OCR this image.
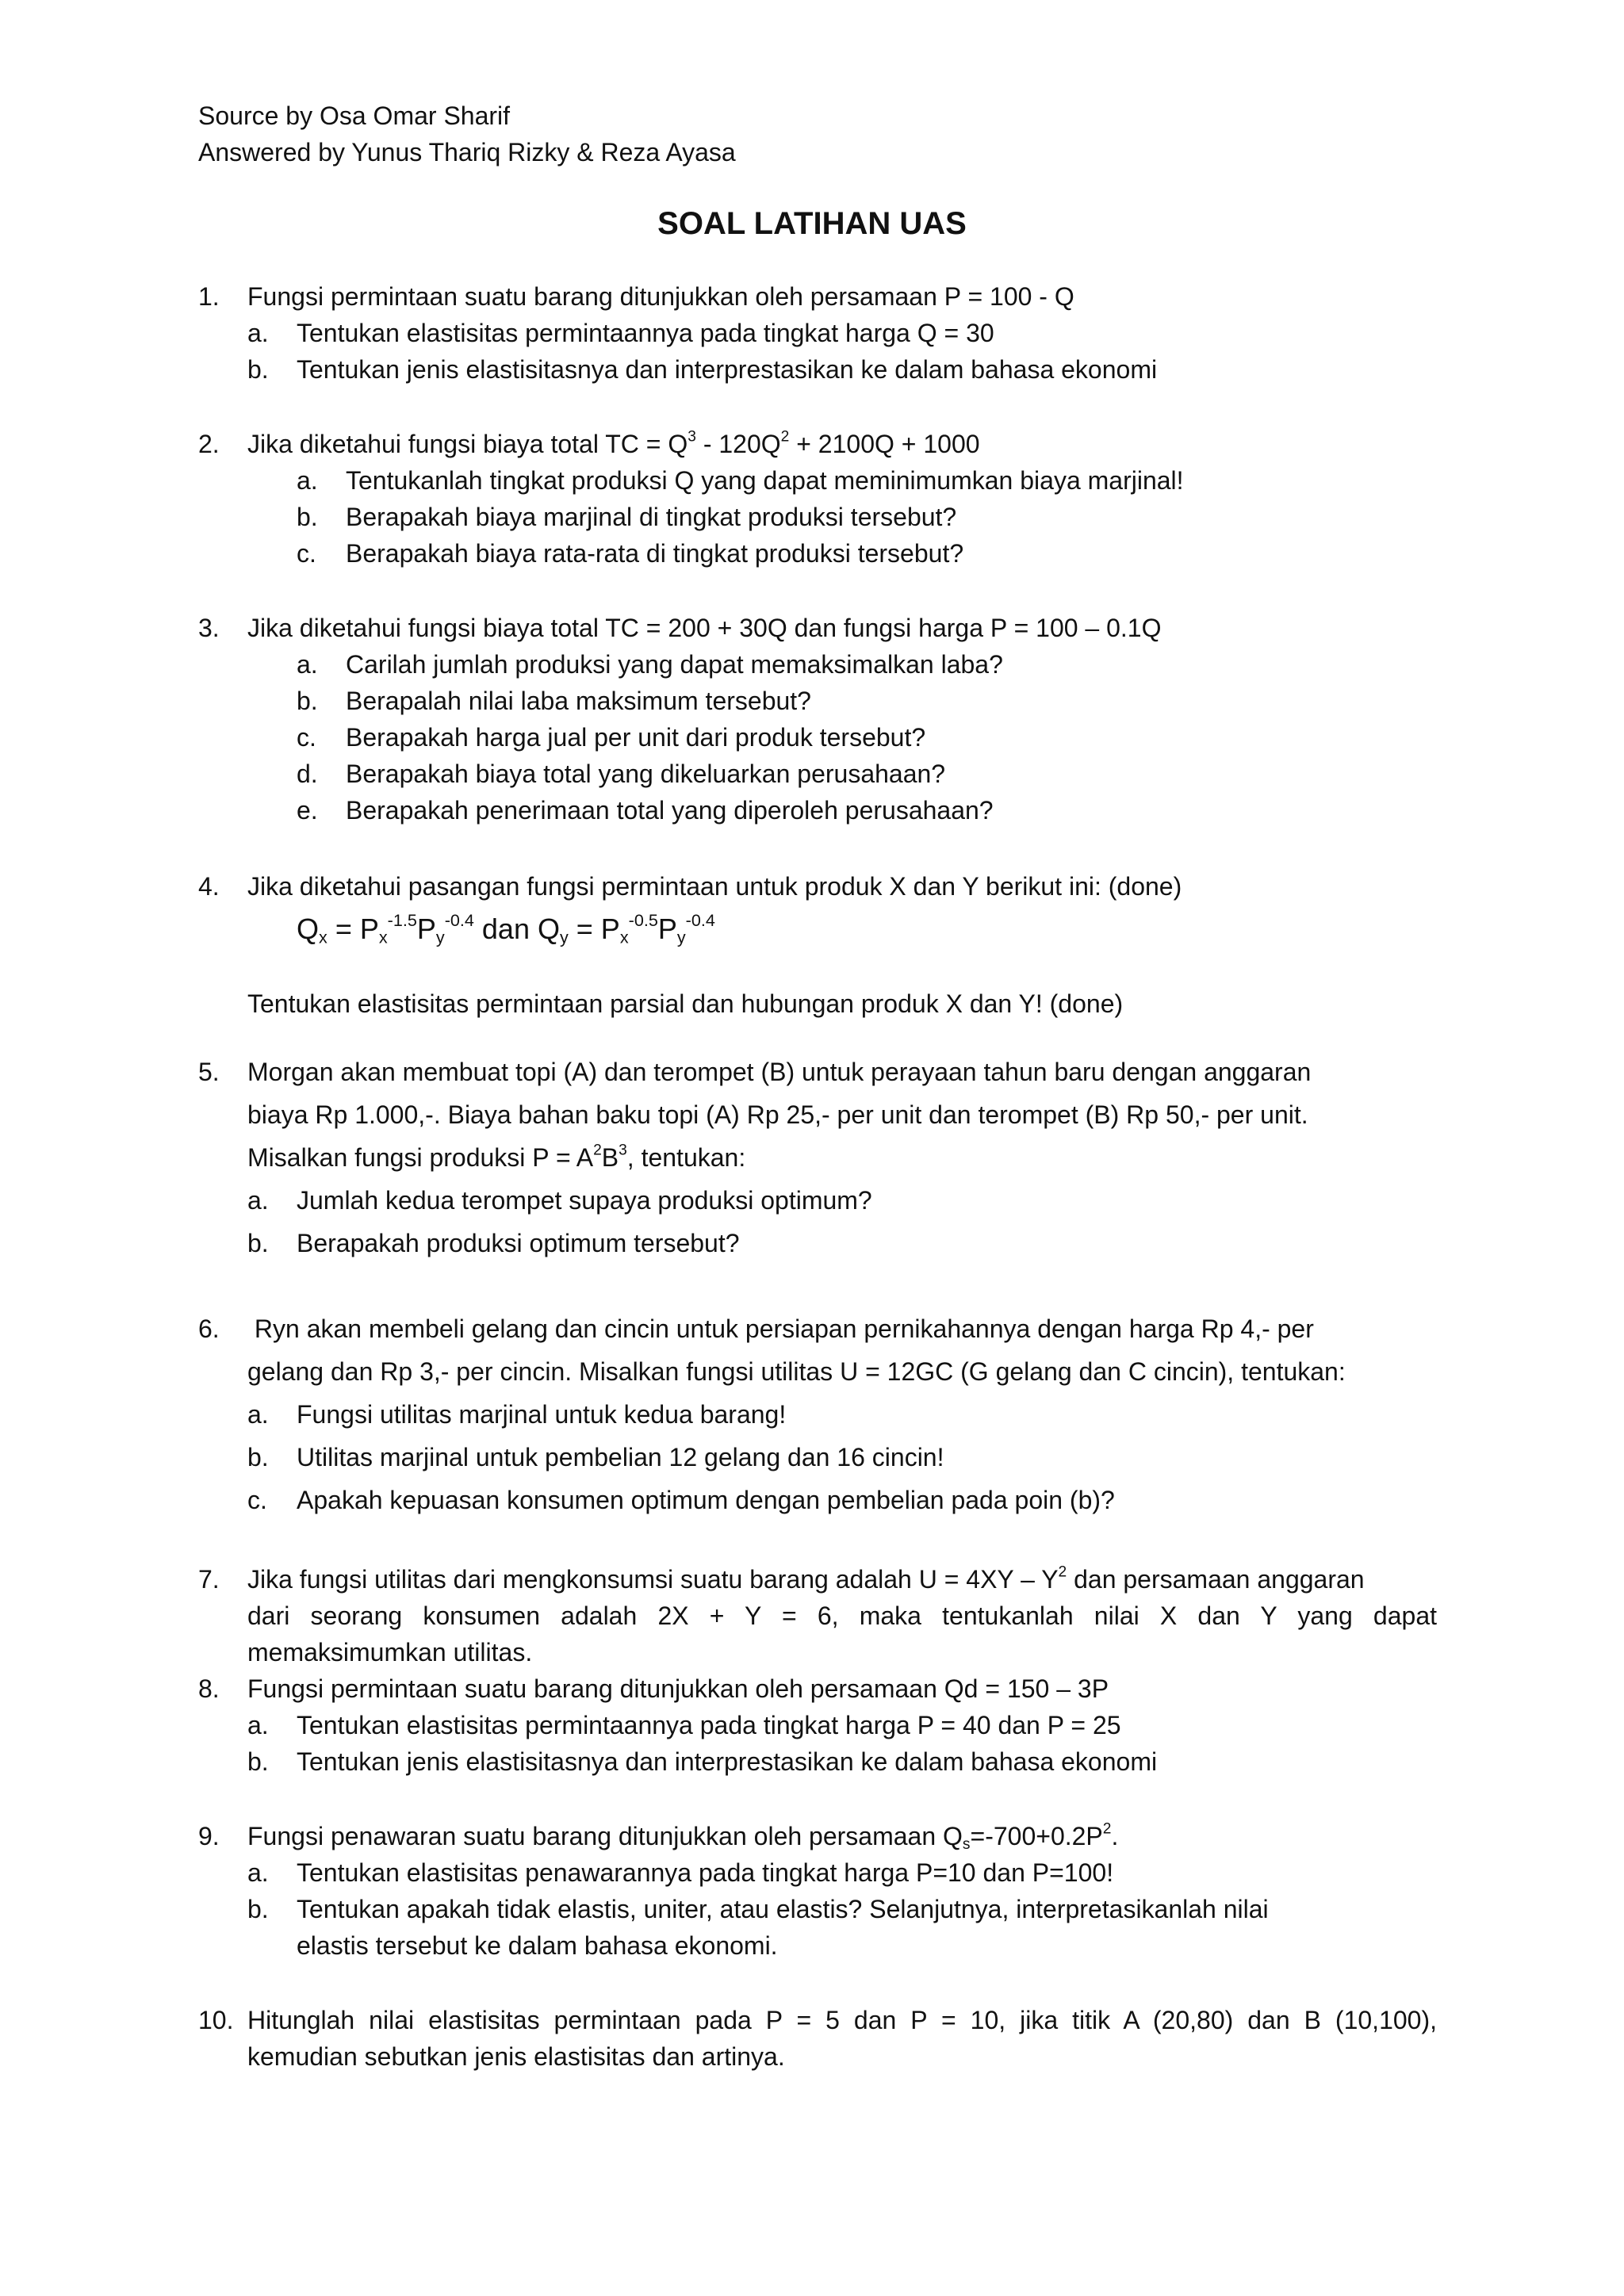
Source by Osa Omar Sharif
Answered by Yunus Thariq Rizky & Reza Ayasa
SOAL LATIHAN UAS
1. Fungsi permintaan suatu barang ditunjukkan oleh persamaan P = 100 - Q
a. Tentukan elastisitas permintaannya pada tingkat harga Q = 30
b. Tentukan jenis elastisitasnya dan interprestasikan ke dalam bahasa ekonomi
2. Jika diketahui fungsi biaya total TC = $Q^3 - 120Q^2 + 2100Q + 1000$
a. Tentukanlah tingkat produksi Q yang dapat meminimumkan biaya marjinal!
b. Berapakah biaya marjinal di tingkat produksi tersebut?
c. Berapakah biaya rata-rata di tingkat produksi tersebut?
3. Jika diketahui fungsi biaya total TC = 200 + 30Q dan fungsi harga P = 100 – 0.1Q
a. Carilah jumlah produksi yang dapat memaksimalkan laba?
b. Berapalah nilai laba maksimum tersebut?
c. Berapakah harga jual per unit dari produk tersebut?
d. Berapakah biaya total yang dikeluarkan perusahaan?
e. Berapakah penerimaan total yang diperoleh perusahaan?
4. Jika diketahui pasangan fungsi permintaan untuk produk X dan Y berikut ini: (done)
$Q_x = P_x^{-1.5}P_y^{-0.4}$ dan $Q_y = P_x^{-0.5}P_y^{-0.4}$
Tentukan elastisitas permintaan parsial dan hubungan produk X dan Y! (done)
5. Morgan akan membuat topi (A) dan terompet (B) untuk perayaan tahun baru dengan anggaran
biaya Rp 1.000,-. Biaya bahan baku topi (A) Rp 25,- per unit dan terompet (B) Rp 50,- per unit.
Misalkan fungsi produksi $P = A^2B^3$, tentukan:
a. Jumlah kedua terompet supaya produksi optimum?
b. Berapakah produksi optimum tersebut?
6. Ryn akan membeli gelang dan cincin untuk persiapan pernikahannya dengan harga Rp 4,- per
gelang dan Rp 3,- per cincin. Misalkan fungsi utilitas U = 12GC (G gelang dan C cincin), tentukan:
a. Fungsi utilitas marjinal untuk kedua barang!
b. Utilitas marjinal untuk pembelian 12 gelang dan 16 cincin!
c. Apakah kepuasan konsumen optimum dengan pembelian pada poin (b)?
7. Jika fungsi utilitas dari mengkonsumsi suatu barang adalah $U = 4XY - Y^2$ dan persamaan anggaran
dari seorang konsumen adalah 2X + Y = 6, maka tentukanlah nilai X dan Y yang dapat
memaksimumkan utilitas.
8. Fungsi permintaan suatu barang ditunjukkan oleh persamaan Qd = 150 – 3P
a. Tentukan elastisitas permintaannya pada tingkat harga P = 40 dan P = 25
b. Tentukan jenis elastisitasnya dan interprestasikan ke dalam bahasa ekonomi
9. Fungsi penawaran suatu barang ditunjukkan oleh persamaan $Q_s=-700+0.2P^2$.
a. Tentukan elastisitas penawarannya pada tingkat harga P=10 dan P=100!
b. Tentukan apakah tidak elastis, uniter, atau elastis? Selanjutnya, interpretasikanlah nilai
elastis tersebut ke dalam bahasa ekonomi.
10. Hitunglah nilai elastisitas permintaan pada P = 5 dan P = 10, jika titik A (20,80) dan B (10,100),
kemudian sebutkan jenis elastisitas dan artinya.
